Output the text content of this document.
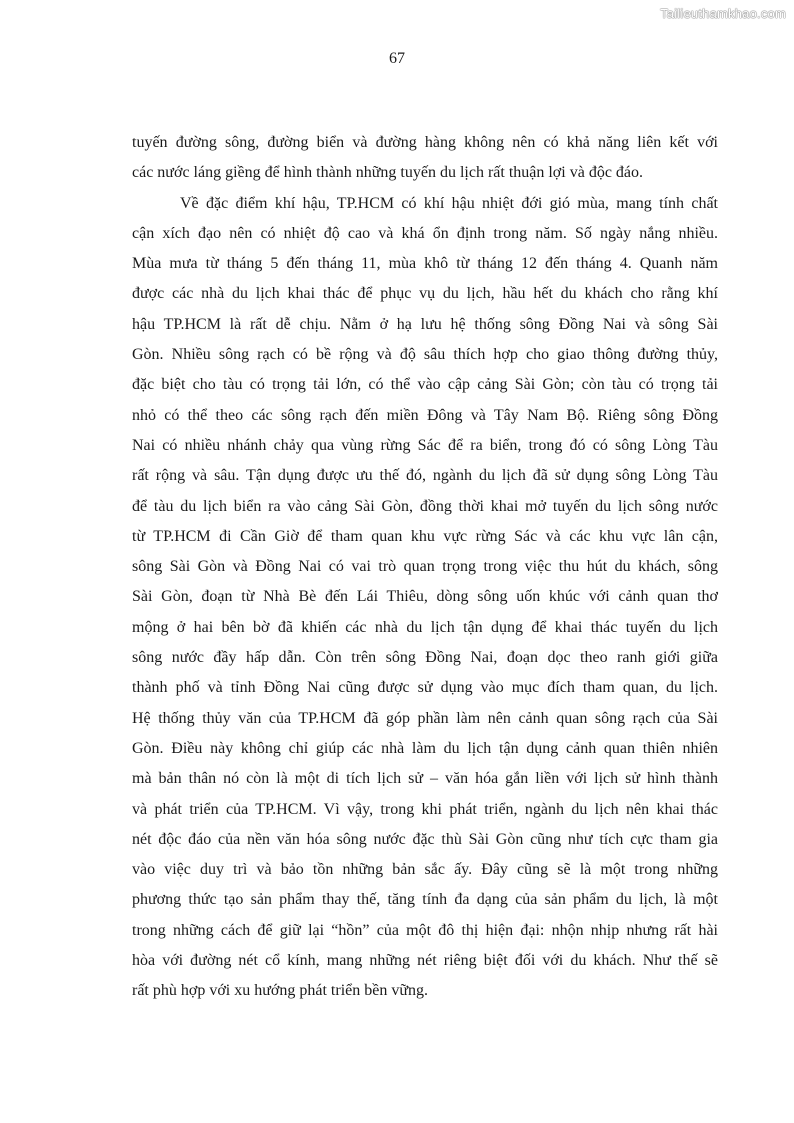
Tailieuthamkhao.com
67

tuyến đường sông, đường biển và đường hàng không nên có khả năng liên kết với
các nước láng giềng để hình thành những tuyến du lịch rất thuận lợi và độc đáo.

Về đặc điểm khí hậu, TP.HCM có khí hậu nhiệt đới gió mùa, mang tính chất
cận xích đạo nên có nhiệt độ cao và khá ổn định trong năm. Số ngày nắng nhiều.
Mùa mưa từ tháng 5 đến tháng 11, mùa khô từ tháng 12 đến tháng 4. Quanh năm
được các nhà du lịch khai thác để phục vụ du lịch, hầu hết du khách cho rằng khí
hậu TP.HCM là rất dễ chịu. Nằm ở hạ lưu hệ thống sông Đồng Nai và sông Sài
Gòn. Nhiều sông rạch có bề rộng và độ sâu thích hợp cho giao thông đường thủy,
đặc biệt cho tàu có trọng tải lớn, có thể vào cập cảng Sài Gòn; còn tàu có trọng tải
nhỏ có thể theo các sông rạch đến miền Đông và Tây Nam Bộ. Riêng sông Đồng
Nai có nhiều nhánh chảy qua vùng rừng Sác để ra biển, trong đó có sông Lòng Tàu
rất rộng và sâu. Tận dụng được ưu thế đó, ngành du lịch đã sử dụng sông Lòng Tàu
để tàu du lịch biển ra vào cảng Sài Gòn, đồng thời khai mở tuyến du lịch sông nước
từ TP.HCM đi Cần Giờ để tham quan khu vực rừng Sác và các khu vực lân cận,
sông Sài Gòn và Đồng Nai có vai trò quan trọng trong việc thu hút du khách, sông
Sài Gòn, đoạn từ Nhà Bè đến Lái Thiêu, dòng sông uốn khúc với cảnh quan thơ
mộng ở hai bên bờ đã khiến các nhà du lịch tận dụng để khai thác tuyến du lịch
sông nước đầy hấp dẫn. Còn trên sông Đồng Nai, đoạn dọc theo ranh giới giữa
thành phố và tỉnh Đồng Nai cũng được sử dụng vào mục đích tham quan, du lịch.
Hệ thống thủy văn của TP.HCM đã góp phần làm nên cảnh quan sông rạch của Sài
Gòn. Điều này không chỉ giúp các nhà làm du lịch tận dụng cảnh quan thiên nhiên
mà bản thân nó còn là một di tích lịch sử – văn hóa gắn liền với lịch sử hình thành
và phát triển của TP.HCM. Vì vậy, trong khi phát triển, ngành du lịch nên khai thác
nét độc đáo của nền văn hóa sông nước đặc thù Sài Gòn cũng như tích cực tham gia
vào việc duy trì và bảo tồn những bản sắc ấy. Đây cũng sẽ là một trong những
phương thức tạo sản phẩm thay thế, tăng tính đa dạng của sản phẩm du lịch, là một
trong những cách để giữ lại “hồn” của một đô thị hiện đại: nhộn nhịp nhưng rất hài
hòa với đường nét cổ kính, mang những nét riêng biệt đối với du khách. Như thế sẽ
rất phù hợp với xu hướng phát triển bền vững.
